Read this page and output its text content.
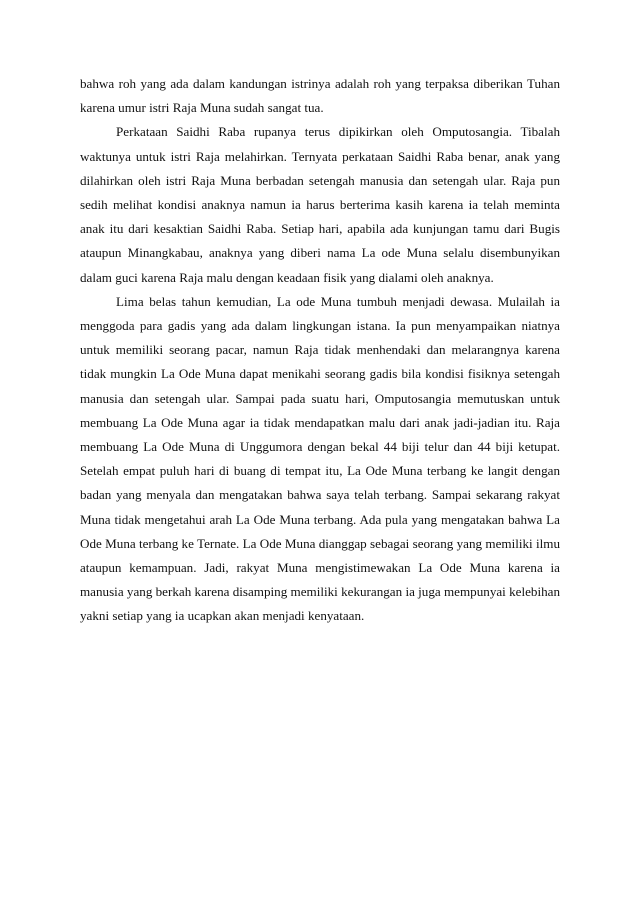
bahwa roh yang ada dalam kandungan istrinya adalah roh yang terpaksa diberikan Tuhan karena umur istri Raja Muna sudah sangat tua.

Perkataan Saidhi Raba rupanya terus dipikirkan oleh Omputosangia. Tibalah waktunya untuk istri Raja melahirkan. Ternyata perkataan Saidhi Raba benar, anak yang dilahirkan oleh istri Raja Muna berbadan setengah manusia dan setengah ular. Raja pun sedih melihat kondisi anaknya namun ia harus berterima kasih karena ia telah meminta anak itu dari kesaktian Saidhi Raba. Setiap hari, apabila ada kunjungan tamu dari Bugis ataupun Minangkabau, anaknya yang diberi nama La ode Muna selalu disembunyikan dalam guci karena Raja malu dengan keadaan fisik yang dialami oleh anaknya.

Lima belas tahun kemudian, La ode Muna tumbuh menjadi dewasa. Mulailah ia menggoda para gadis yang ada dalam lingkungan istana. Ia pun menyampaikan niatnya untuk memiliki seorang pacar, namun Raja tidak menhendaki dan melarangnya karena tidak mungkin La Ode Muna dapat menikahi seorang gadis bila kondisi fisiknya setengah manusia dan setengah ular. Sampai pada suatu hari, Omputosangia memutuskan untuk membuang La Ode Muna agar ia tidak mendapatkan malu dari anak jadi-jadian itu. Raja membuang La Ode Muna di Unggumora dengan bekal 44 biji telur dan 44 biji ketupat. Setelah empat puluh hari di buang di tempat itu, La Ode Muna terbang ke langit dengan badan yang menyala dan mengatakan bahwa saya telah terbang. Sampai sekarang rakyat Muna tidak mengetahui arah La Ode Muna terbang. Ada pula yang mengatakan bahwa La Ode Muna terbang ke Ternate. La Ode Muna dianggap sebagai seorang yang memiliki ilmu ataupun kemampuan. Jadi, rakyat Muna mengistimewakan La Ode Muna karena ia manusia yang berkah karena disamping memiliki kekurangan ia juga mempunyai kelebihan yakni setiap yang ia ucapkan akan menjadi kenyataan.
